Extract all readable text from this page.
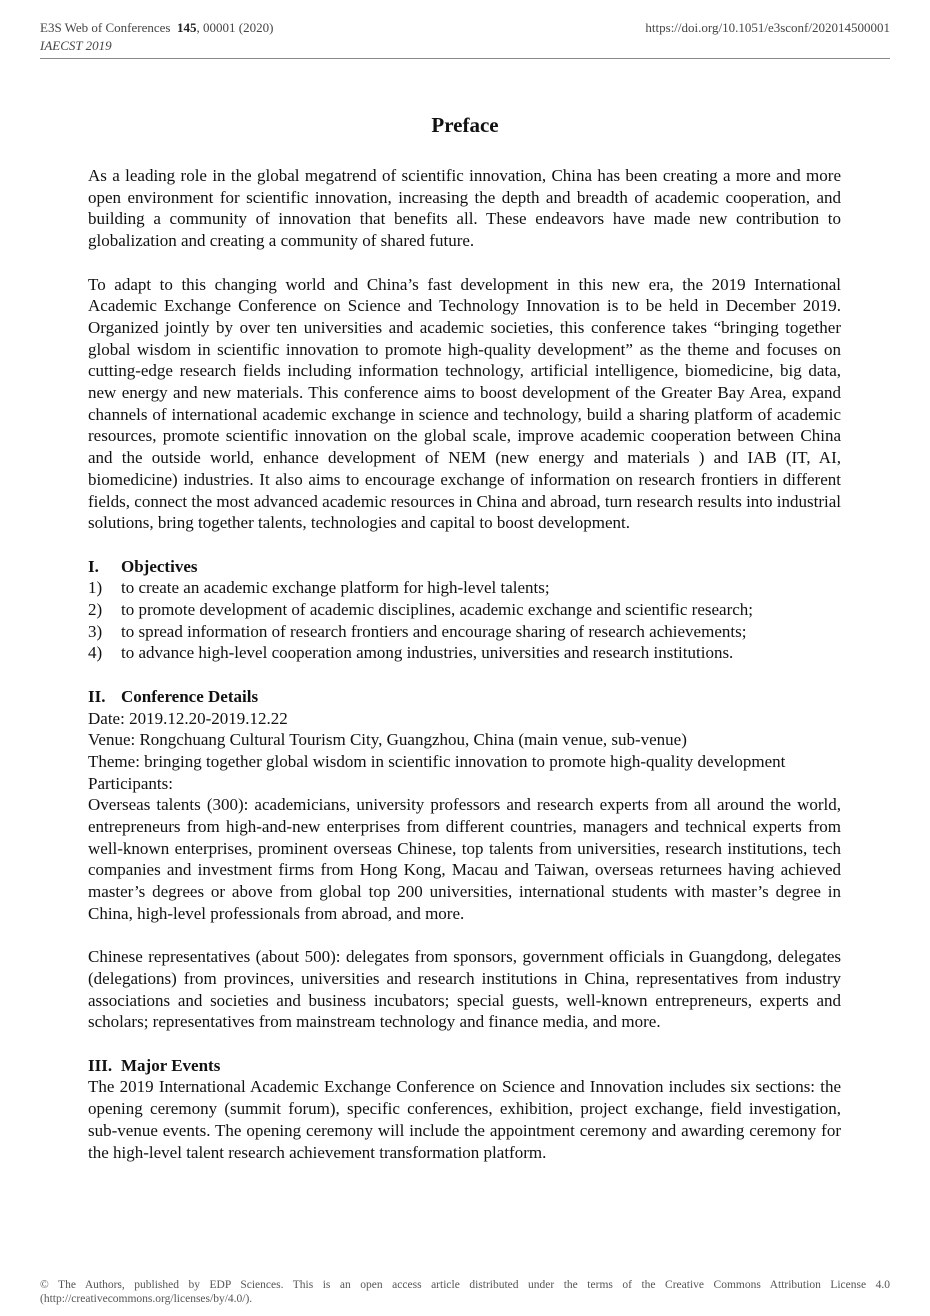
E3S Web of Conferences 145, 00001 (2020)
IAECST 2019
https://doi.org/10.1051/e3sconf/202014500001
Preface

As a leading role in the global megatrend of scientific innovation, China has been creating a more and more open environment for scientific innovation, increasing the depth and breadth of academic cooperation, and building a community of innovation that benefits all. These endeavors have made new contribution to globalization and creating a community of shared future.

To adapt to this changing world and China’s fast development in this new era, the 2019 International Academic Exchange Conference on Science and Technology Innovation is to be held in December 2019. Organized jointly by over ten universities and academic societies, this conference takes “bringing together global wisdom in scientific innovation to promote high-quality development” as the theme and focuses on cutting-edge research fields including information technology, artificial intelligence, biomedicine, big data, new energy and new materials. This conference aims to boost development of the Greater Bay Area, expand channels of international academic exchange in science and technology, build a sharing platform of academic resources, promote scientific innovation on the global scale, improve academic cooperation between China and the outside world, enhance development of NEM (new energy and materials ) and IAB (IT, AI, biomedicine) industries. It also aims to encourage exchange of information on research frontiers in different fields, connect the most advanced academic resources in China and abroad, turn research results into industrial solutions, bring together talents, technologies and capital to boost development.

I. Objectives
1)	to create an academic exchange platform for high-level talents;
2)	to promote development of academic disciplines, academic exchange and scientific research;
3)	to spread information of research frontiers and encourage sharing of research achievements;
4)	to advance high-level cooperation among industries, universities and research institutions.
II. Conference Details

Date: 2019.12.20-2019.12.22

Venue: Rongchuang Cultural Tourism City, Guangzhou, China (main venue, sub-venue)

Theme: bringing together global wisdom in scientific innovation to promote high-quality development

Participants:

Overseas talents (300): academicians, university professors and research experts from all around the world, entrepreneurs from high-and-new enterprises from different countries, managers and technical experts from well-known enterprises, prominent overseas Chinese, top talents from universities, research institutions, tech companies and investment firms from Hong Kong, Macau and Taiwan, overseas returnees having achieved master’s degrees or above from global top 200 universities, international students with master’s degree in China, high-level professionals from abroad, and more.

Chinese representatives (about 500): delegates from sponsors, government officials in Guangdong, delegates (delegations) from provinces, universities and research institutions in China, representatives from industry associations and societies and business incubators; special guests, well-known entrepreneurs, experts and scholars; representatives from mainstream technology and finance media, and more.

III. Major Events

The 2019 International Academic Exchange Conference on Science and Innovation includes six sections: the opening ceremony (summit forum), specific conferences, exhibition, project exchange, field investigation, sub-venue events. The opening ceremony will include the appointment ceremony and awarding ceremony for the high-level talent research achievement transformation platform.

© The Authors, published by EDP Sciences. This is an open access article distributed under the terms of the Creative Commons Attribution License 4.0 (http://creativecommons.org/licenses/by/4.0/).
